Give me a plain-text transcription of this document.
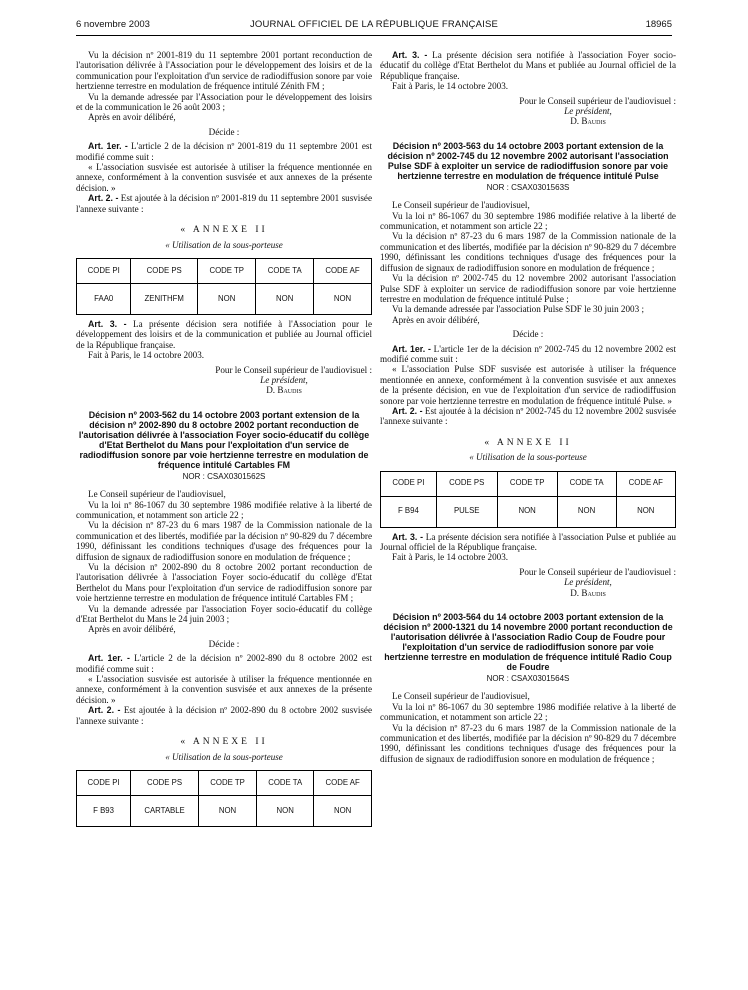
6 novembre 2003	JOURNAL OFFICIEL DE LA RÉPUBLIQUE FRANÇAISE	18965

Vu la décision nº 2001-819 du 11 septembre 2001 portant reconduction de l'autorisation délivrée à l'Association pour le développement des loisirs et de la communication pour l'exploitation d'un service de radiodiffusion sonore par voie hertzienne terrestre en modulation de fréquence intitulé Zénith FM ;

Vu la demande adressée par l'Association pour le développement des loisirs et de la communication le 26 août 2003 ;

Après en avoir délibéré,

Décide :

Art. 1er. - L'article 2 de la décision nº 2001-819 du 11 septembre 2001 est modifié comme suit :

« L'association susvisée est autorisée à utiliser la fréquence mentionnée en annexe, conformément à la convention susvisée et aux annexes de la présente décision. »

Art. 2. - Est ajoutée à la décision nº 2001-819 du 11 septembre 2001 susvisée l'annexe suivante :

« ANNEXE II

« Utilisation de la sous-porteuse

CODE PI	CODE PS	CODE TP	CODE TA	CODE AF
FAA0	ZENITHFM	NON	NON	NON

Art. 3. - La présente décision sera notifiée à l'Association pour le développement des loisirs et de la communication et publiée au Journal officiel de la République française.

Fait à Paris, le 14 octobre 2003.

Pour le Conseil supérieur de l'audiovisuel :

Le président,

D. Baudis

Décision nº 2003-562 du 14 octobre 2003 portant extension de la décision nº 2002-890 du 8 octobre 2002 portant reconduction de l'autorisation délivrée à l'association Foyer socio-éducatif du collège d'Etat Berthelot du Mans pour l'exploitation d'un service de radiodiffusion sonore par voie hertzienne terrestre en modulation de fréquence intitulé Cartables FM

NOR : CSAX0301562S

Le Conseil supérieur de l'audiovisuel,

Vu la loi nº 86-1067 du 30 septembre 1986 modifiée relative à la liberté de communication, et notamment son article 22 ;

Vu la décision nº 87-23 du 6 mars 1987 de la Commission nationale de la communication et des libertés, modifiée par la décision nº 90-829 du 7 décembre 1990, définissant les conditions techniques d'usage des fréquences pour la diffusion de signaux de radiodiffusion sonore en modulation de fréquence ;

Vu la décision nº 2002-890 du 8 octobre 2002 portant reconduction de l'autorisation délivrée à l'association Foyer socio-éducatif du collège d'Etat Berthelot du Mans pour l'exploitation d'un service de radiodiffusion sonore par voie hertzienne terrestre en modulation de fréquence intitulé Cartables FM ;

Vu la demande adressée par l'association Foyer socio-éducatif du collège d'Etat Berthelot du Mans le 24 juin 2003 ;

Après en avoir délibéré,

Décide :

Art. 1er. - L'article 2 de la décision nº 2002-890 du 8 octobre 2002 est modifié comme suit :

« L'association susvisée est autorisée à utiliser la fréquence mentionnée en annexe, conformément à la convention susvisée et aux annexes de la présente décision. »

Art. 2. - Est ajoutée à la décision nº 2002-890 du 8 octobre 2002 susvisée l'annexe suivante :

« ANNEXE II

« Utilisation de la sous-porteuse

CODE PI	CODE PS	CODE TP	CODE TA	CODE AF
F B93	CARTABLE	NON	NON	NON

Art. 3. - La présente décision sera notifiée à l'association Foyer socio-éducatif du collège d'Etat Berthelot du Mans et publiée au Journal officiel de la République française.

Fait à Paris, le 14 octobre 2003.

Pour le Conseil supérieur de l'audiovisuel :

Le président,

D. Baudis

Décision nº 2003-563 du 14 octobre 2003 portant extension de la décision nº 2002-745 du 12 novembre 2002 autorisant l'association Pulse SDF à exploiter un service de radiodiffusion sonore par voie hertzienne terrestre en modulation de fréquence intitulé Pulse

NOR : CSAX0301563S

Le Conseil supérieur de l'audiovisuel,

Vu la loi nº 86-1067 du 30 septembre 1986 modifiée relative à la liberté de communication, et notamment son article 22 ;

Vu la décision nº 87-23 du 6 mars 1987 de la Commission nationale de la communication et des libertés, modifiée par la décision nº 90-829 du 7 décembre 1990, définissant les conditions techniques d'usage des fréquences pour la diffusion de signaux de radiodiffusion sonore en modulation de fréquence ;

Vu la décision nº 2002-745 du 12 novembre 2002 autorisant l'association Pulse SDF à exploiter un service de radiodiffusion sonore par voie hertzienne terrestre en modulation de fréquence intitulé Pulse ;

Vu la demande adressée par l'association Pulse SDF le 30 juin 2003 ;

Après en avoir délibéré,

Décide :

Art. 1er. - L'article 1er de la décision nº 2002-745 du 12 novembre 2002 est modifié comme suit :

« L'association Pulse SDF susvisée est autorisée à utiliser la fréquence mentionnée en annexe, conformément à la convention susvisée et aux annexes de la présente décision, en vue de l'exploitation d'un service de radiodiffusion sonore par voie hertzienne terrestre en modulation de fréquence intitulé Pulse. »

Art. 2. - Est ajoutée à la décision nº 2002-745 du 12 novembre 2002 susvisée l'annexe suivante :

« ANNEXE II

« Utilisation de la sous-porteuse

CODE PI	CODE PS	CODE TP	CODE TA	CODE AF
F B94	PULSE	NON	NON	NON

Art. 3. - La présente décision sera notifiée à l'association Pulse et publiée au Journal officiel de la République française.

Fait à Paris, le 14 octobre 2003.

Pour le Conseil supérieur de l'audiovisuel :

Le président,

D. Baudis

Décision nº 2003-564 du 14 octobre 2003 portant extension de la décision nº 2000-1321 du 14 novembre 2000 portant reconduction de l'autorisation délivrée à l'association Radio Coup de Foudre pour l'exploitation d'un service de radiodiffusion sonore par voie hertzienne terrestre en modulation de fréquence intitulé Radio Coup de Foudre

NOR : CSAX0301564S

Le Conseil supérieur de l'audiovisuel,

Vu la loi nº 86-1067 du 30 septembre 1986 modifiée relative à la liberté de communication, et notamment son article 22 ;

Vu la décision nº 87-23 du 6 mars 1987 de la Commission nationale de la communication et des libertés, modifiée par la décision nº 90-829 du 7 décembre 1990, définissant les conditions techniques d'usage des fréquences pour la diffusion de signaux de radiodiffusion sonore en modulation de fréquence ;
